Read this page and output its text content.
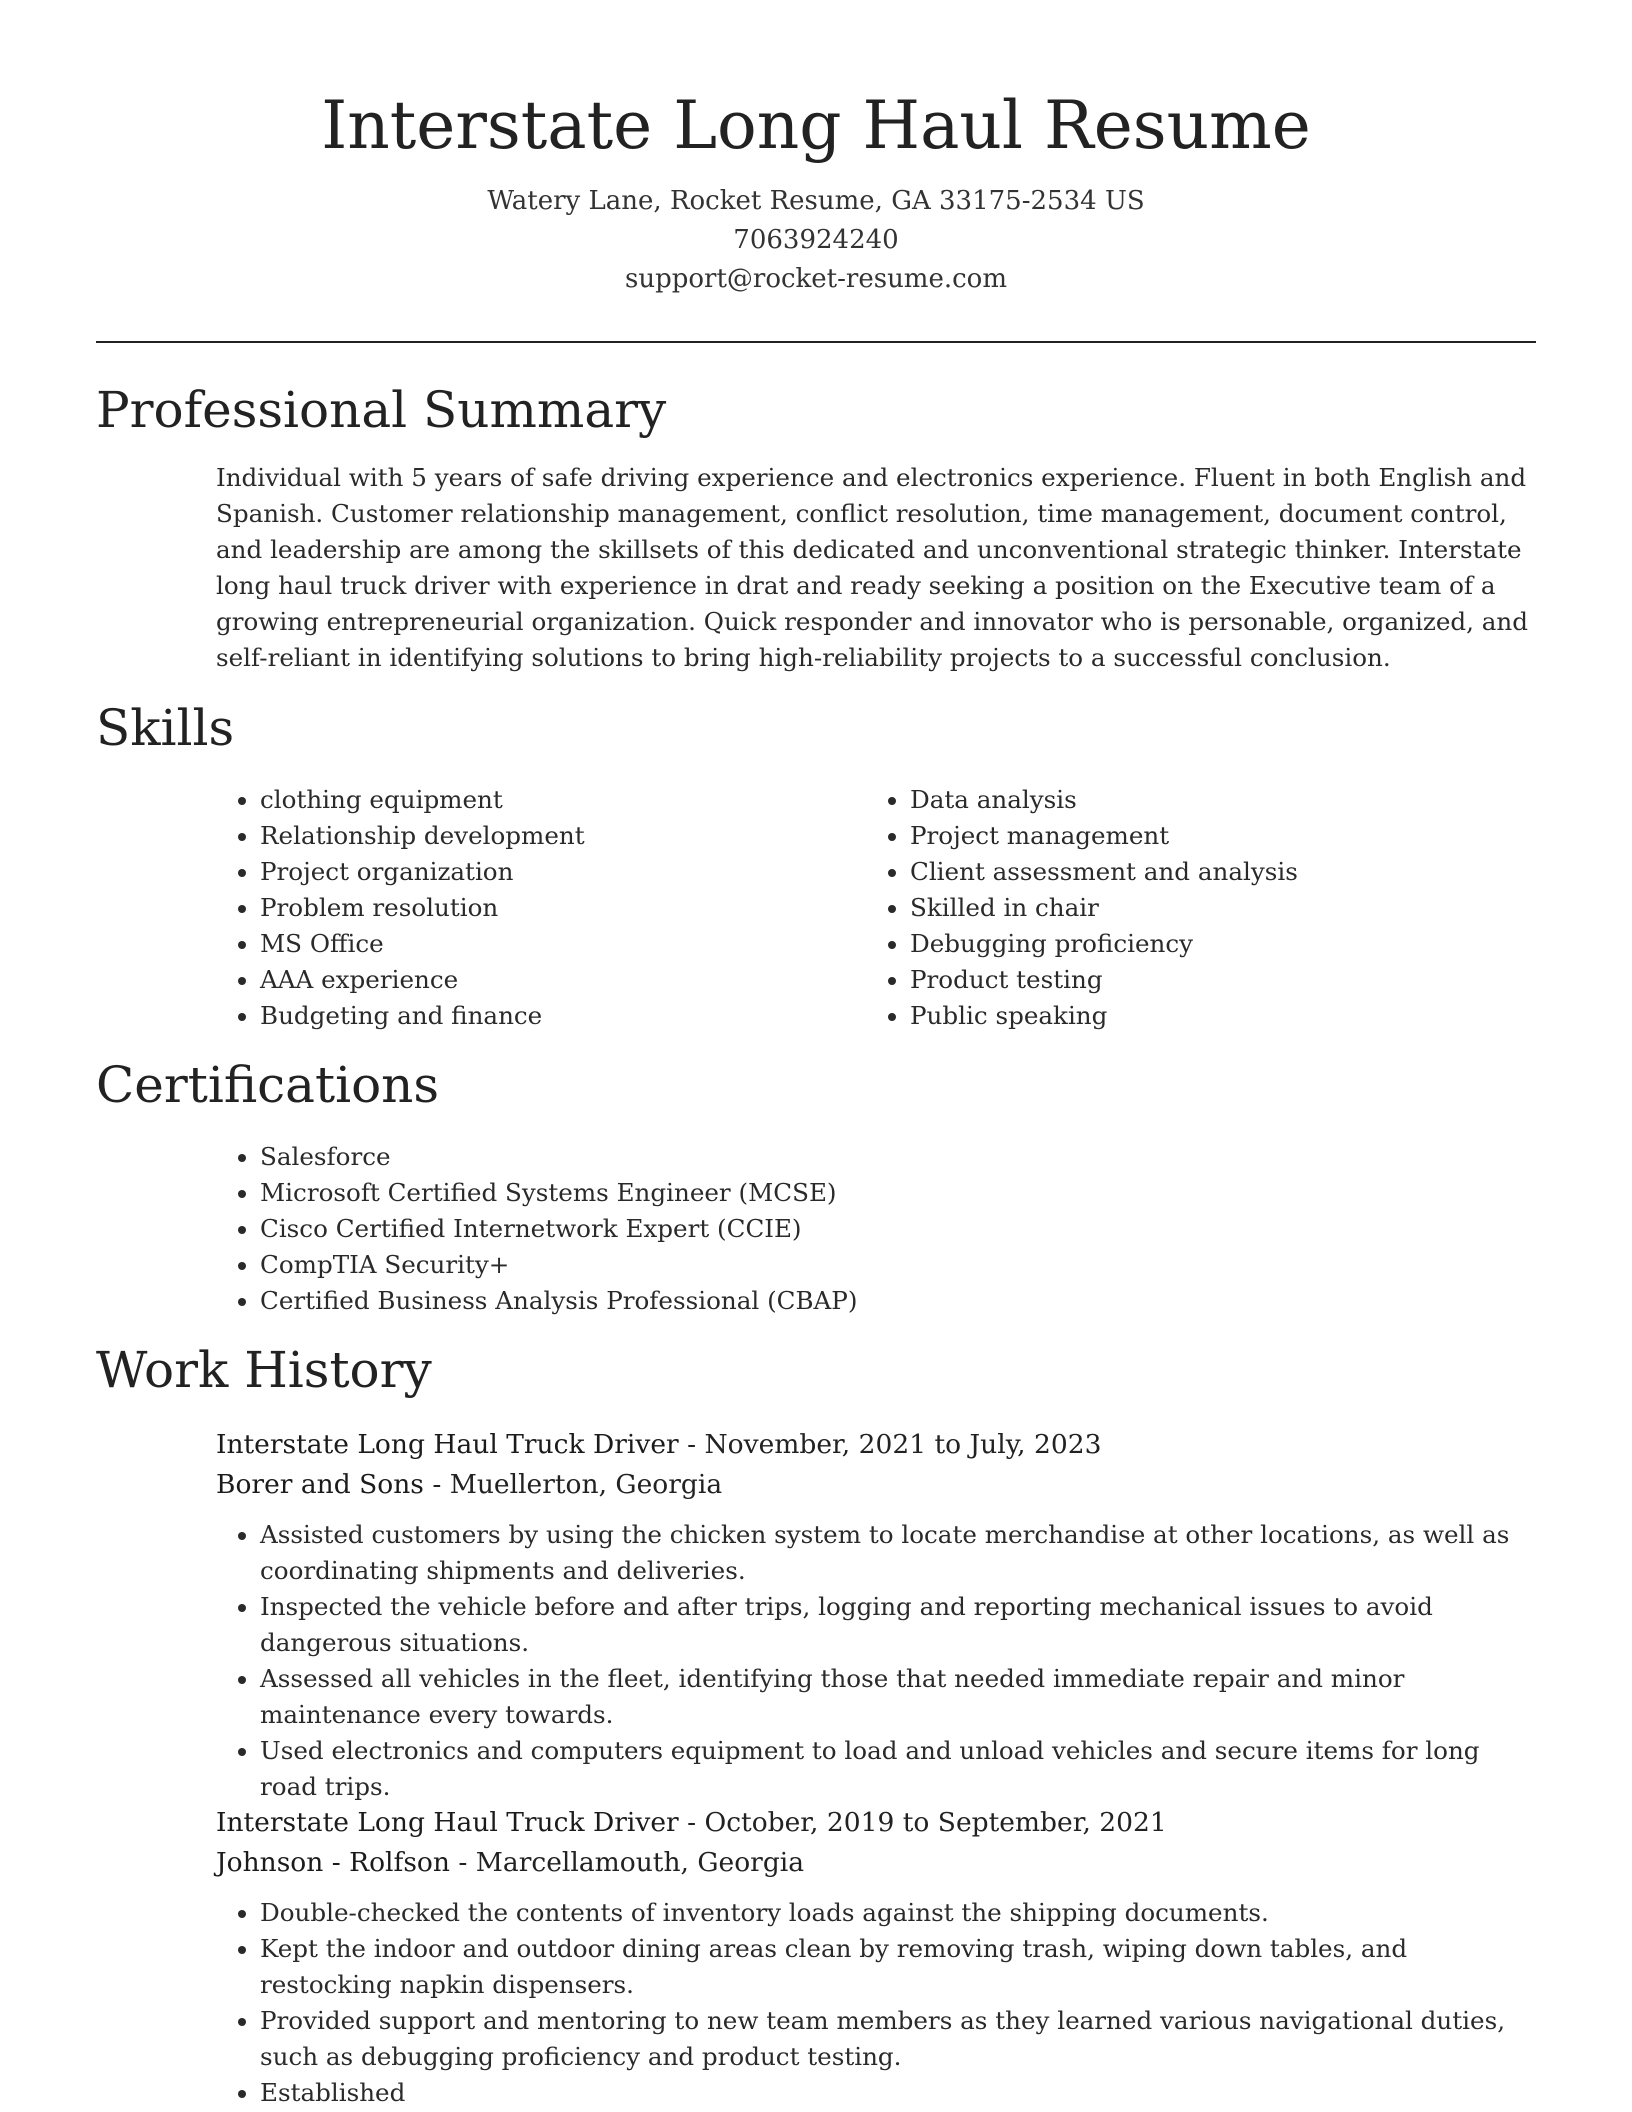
Interstate Long Haul Resume
Watery Lane, Rocket Resume, GA 33175-2534 US
7063924240
support@rocket-resume.com
Professional Summary
Individual with 5 years of safe driving experience and electronics experience. Fluent in both English and Spanish. Customer relationship management, conflict resolution, time management, document control, and leadership are among the skillsets of this dedicated and unconventional strategic thinker. Interstate long haul truck driver with experience in drat and ready seeking a position on the Executive team of a growing entrepreneurial organization. Quick responder and innovator who is personable, organized, and self-reliant in identifying solutions to bring high-reliability projects to a successful conclusion.
Skills
• clothing equipment
• Relationship development
• Project organization
• Problem resolution
• MS Office
• AAA experience
• Budgeting and finance
• Data analysis
• Project management
• Client assessment and analysis
• Skilled in chair
• Debugging proficiency
• Product testing
• Public speaking
Certifications
• Salesforce
• Microsoft Certified Systems Engineer (MCSE)
• Cisco Certified Internetwork Expert (CCIE)
• CompTIA Security+
• Certified Business Analysis Professional (CBAP)
Work History
Interstate Long Haul Truck Driver - November, 2021 to July, 2023
Borer and Sons - Muellerton, Georgia
• Assisted customers by using the chicken system to locate merchandise at other locations, as well as coordinating shipments and deliveries.
• Inspected the vehicle before and after trips, logging and reporting mechanical issues to avoid dangerous situations.
• Assessed all vehicles in the fleet, identifying those that needed immediate repair and minor maintenance every towards.
• Used electronics and computers equipment to load and unload vehicles and secure items for long road trips.
Interstate Long Haul Truck Driver - October, 2019 to September, 2021
Johnson - Rolfson - Marcellamouth, Georgia
• Double-checked the contents of inventory loads against the shipping documents.
• Kept the indoor and outdoor dining areas clean by removing trash, wiping down tables, and restocking napkin dispensers.
• Provided support and mentoring to new team members as they learned various navigational duties, such as debugging proficiency and product testing.
• Established
